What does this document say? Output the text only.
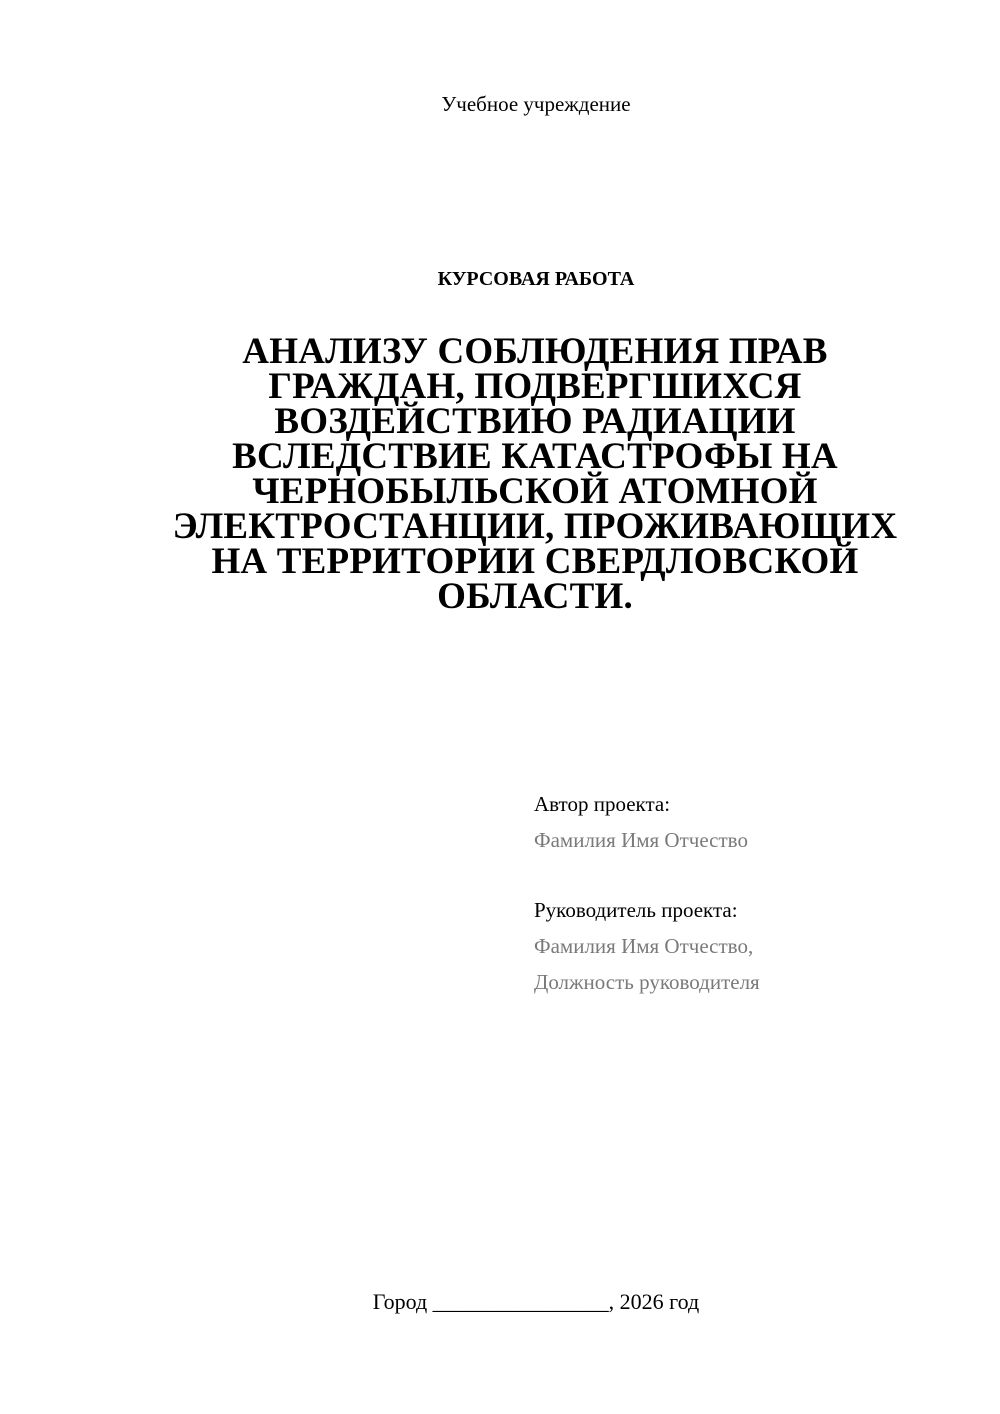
Учебное учреждение
КУРСОВАЯ РАБОТА
АНАЛИЗУ СОБЛЮДЕНИЯ ПРАВ
ГРАЖДАН, ПОДВЕРГШИХСЯ
ВОЗДЕЙСТВИЮ РАДИАЦИИ
ВСЛЕДСТВИЕ КАТАСТРОФЫ НА
ЧЕРНОБЫЛЬСКОЙ АТОМНОЙ
ЭЛЕКТРОСТАНЦИИ, ПРОЖИВАЮЩИХ
НА ТЕРРИТОРИИ СВЕРДЛОВСКОЙ
ОБЛАСТИ.
Автор проекта:
Фамилия Имя Отчество
Руководитель проекта:
Фамилия Имя Отчество,
Должность руководителя
Город ________________, 2026 год
